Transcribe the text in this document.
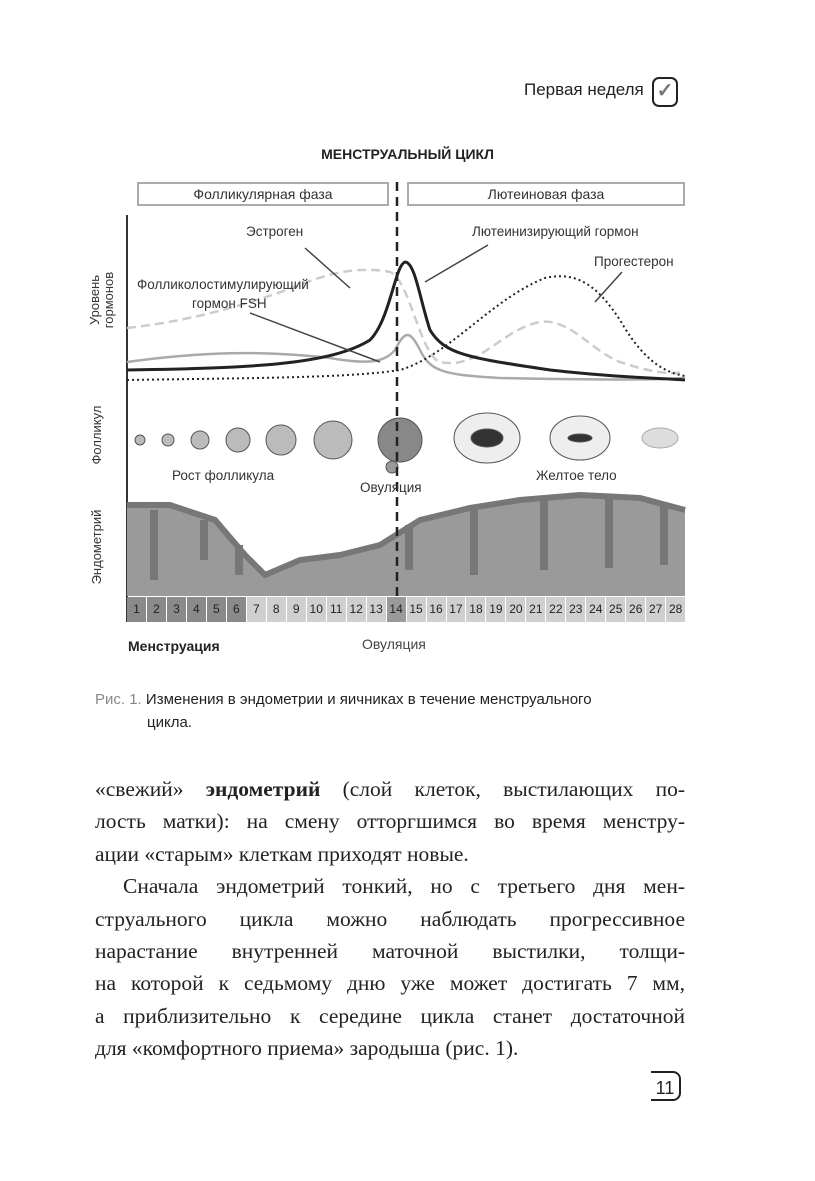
Первая неделя ✓
МЕНСТРУАЛЬНЫЙ ЦИКЛ
Фолликулярная фаза	Лютеиновая фаза
Уровень гормонов
Фолликул
Эндометрий
Эстроген	Лютеинизирующий гормон
Прогестерон
Фолликолостимулирующий
гормон FSH
Рост фолликула
Овуляция
Желтое тело
1	2	3	4	5	6	7	8	9 10 11 12 13 14 15 16 17 18 19 20 21 22 23 24 25 26 27 28
Менструация	Овуляция
Рис. 1. Изменения в эндометрии и яичниках в течение менструального
цикла.
«свежий» эндометрий (слой клеток, выстилающих по-
лость матки): на смену отторгшимся во время менстру-
ации «старым» клеткам приходят новые.
Сначала эндометрий тонкий, но с третьего дня мен-
струального цикла можно наблюдать прогрессивное
нарастание внутренней маточной выстилки, толщи-
на которой к седьмому дню уже может достигать 7 мм,
а приблизительно к середине цикла станет достаточной
для «комфортного приема» зародыша (рис. 1).
11
